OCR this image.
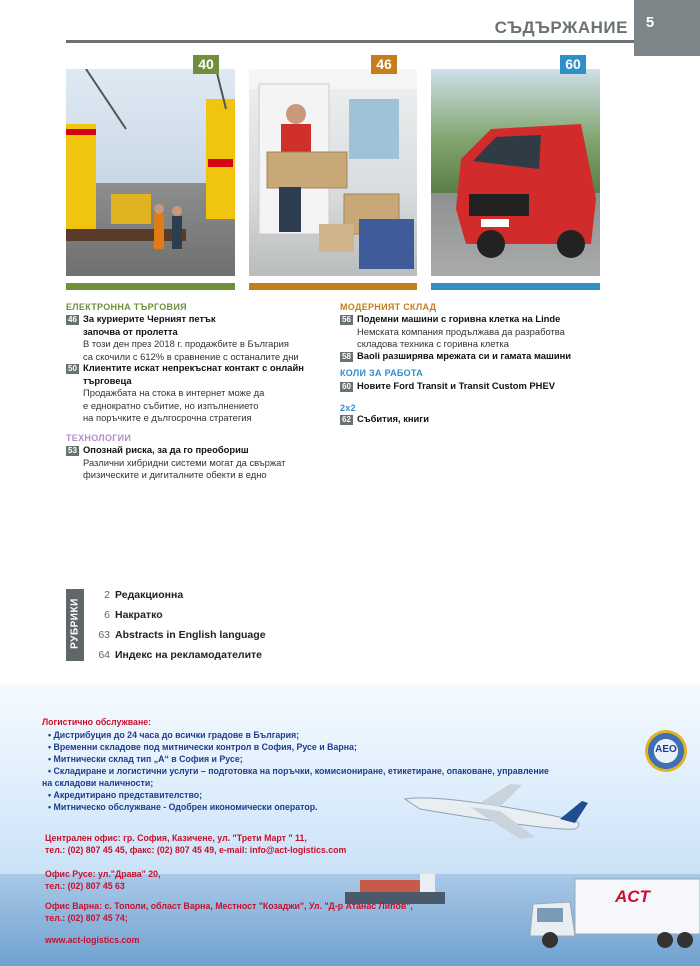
СЪДЪРЖАНИЕ	5
40	46	60
ЕЛЕКТРОННА ТЪРГОВИЯ
46 За куриерите Черният петък
започва от пролетта
В този ден през 2018 г. продажбите в България
са скочили с 612% в сравнение с останалите дни
50 Клиентите искат непрекъснат контакт с онлайн
търговеца
Продажбата на стока в интернет може да
е еднократно събитие, но изпълнението
на поръчките е дългосрочна стратегия
ТЕХНОЛОГИИ
53 Опознай риска, за да го преобориш
Различни хибридни системи могат да свържат
физическите и дигиталните обекти в едно
МОДЕРНИЯТ СКЛАД
56 Подемни машини с горивна клетка на Linde
Немската компания продължава да разработва
складова техника с горивна клетка
58 Baoli разширява мрежата си и гамата машини
КОЛИ ЗА РАБОТА
60 Новите Ford Transit и Transit Custom PHEV
2x2
62 Събития, книги
РУБРИКИ
2 Редакционна
6 Накратко
63 Abstracts in English language
64 Индекс на рекламодателите
ACT
AEO
Логистично обслужване:
• Дистрибуция до 24 часа до всички градове в България;
• Временни складове под митнически контрол в София, Русе и Варна;
• Митнически склад тип „А“ в София и Русе;
• Складиране и логистични услуги – подготовка на поръчки, комисиониране, етикетиране, опаковане, управление
на складови наличности;
• Акредитирано представителство;
• Митническо обслужване - Одобрен икономически оператор.
Централен офис: гр. София, Казичене, ул. "Трети Март " 11,
тел.: (02) 807 45 45, факс: (02) 807 45 49, e-mail: info@act-logistics.com
Офис Русе: ул."Драва" 20,
тел.: (02) 807 45 63
Офис Варна: с. Тополи, област Варна, Местност "Козаджи", Ул. "Д-р Атанас Липов",
тел.: (02) 807 45 74;
www.act-logistics.com
